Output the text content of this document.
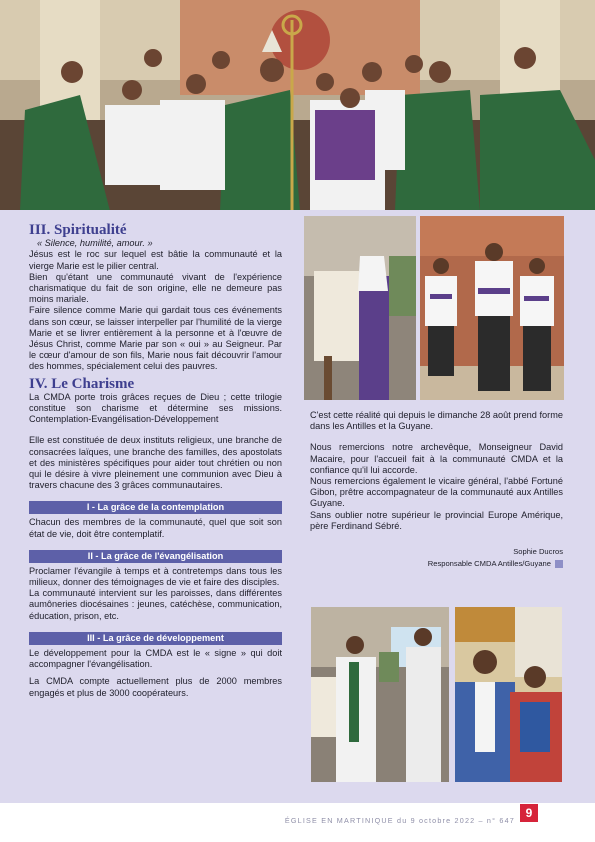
III. Spiritualité

« Silence, humilité, amour. »

Jésus est le roc sur lequel est bâtie la communauté et la vierge Marie est le pilier central.

Bien qu'étant une communauté vivant de l'expérience charismatique du fait de son origine, elle ne demeure pas moins mariale.

Faire silence comme Marie qui gardait tous ces événements dans son cœur, se laisser interpeller par l'humilité de la vierge Marie et se livrer entièrement à la personne et à l'œuvre de Jésus Christ, comme Marie par son « oui » au Seigneur. Par le cœur d'amour de son fils, Marie nous fait découvrir l'amour des hommes, spécialement celui des pauvres.

IV. Le Charisme

La CMDA porte trois grâces reçues de Dieu ; cette trilogie constitue son charisme et détermine ses missions. Contemplation-Evangélisation-Développement

Elle est constituée de deux instituts religieux, une branche de consacrées laïques, une branche des familles, des apostolats et des ministères spécifiques pour aider tout chrétien ou non qui le désire à vivre pleinement une communion avec Dieu à travers chacune des 3 grâces communautaires.

I - La grâce de la contemplation

Chacun des membres de la communauté, quel que soit son état de vie, doit être contemplatif.

II - La grâce de l'évangélisation

Proclamer l'évangile à temps et à contretemps dans tous les milieux, donner des témoignages de vie et faire des disciples.

La communauté intervient sur les paroisses, dans différentes aumôneries diocésaines : jeunes, catéchèse, communication, éducation, prison, etc.

III - La grâce de développement

Le développement pour la CMDA est le « signe » qui doit accompagner l'évangélisation.

La CMDA compte actuellement plus de 2000 membres engagés et plus de 3000 coopérateurs.

C'est cette réalité qui depuis le dimanche 28 août prend forme dans les Antilles et la Guyane.

Nous remercions notre archevêque, Monseigneur David Macaire, pour l'accueil fait à la communauté CMDA et la confiance qu'il lui accorde.

Nous remercions également le vicaire général, l'abbé Fortuné Gibon, prêtre accompagnateur de la communauté aux Antilles Guyane.

Sans oublier notre supérieur le provincial Europe Amérique, père Ferdinand Sébré.

Sophie Ducros
Responsable CMDA Antilles/Guyane
ÉGLISE EN MARTINIQUE du 9 octobre 2022 – n° 647
9
